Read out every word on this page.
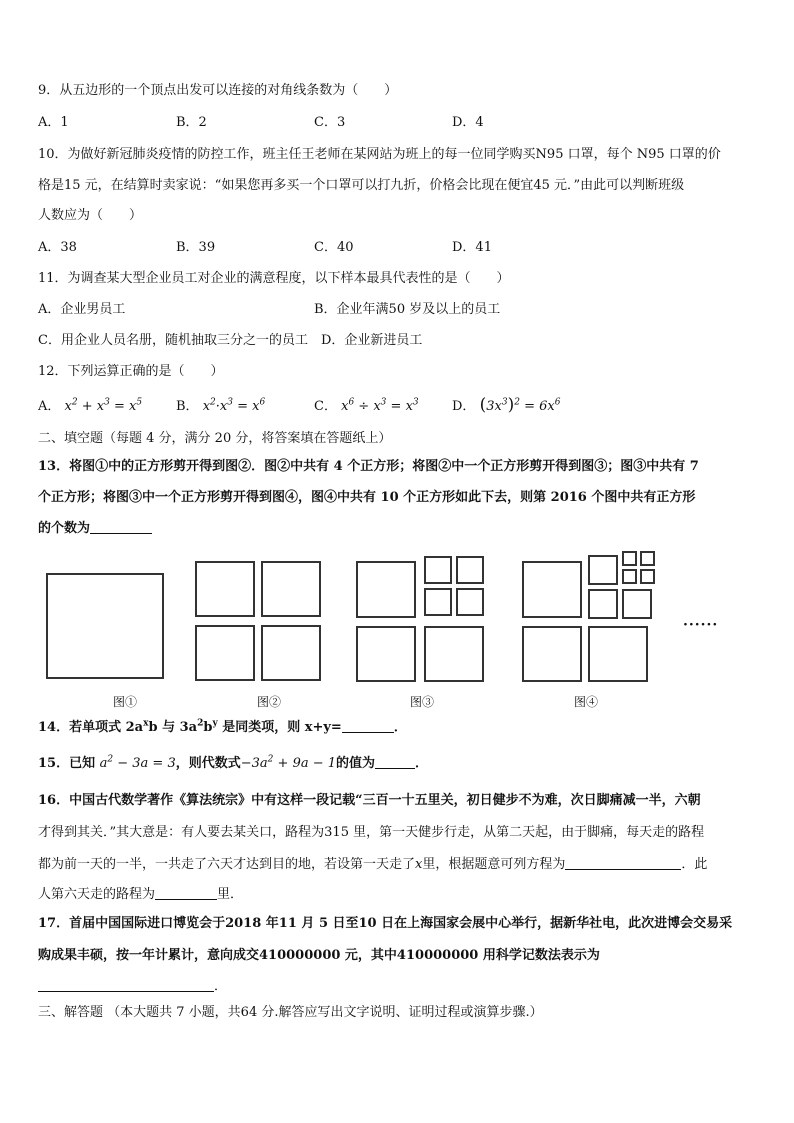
9．从五边形的一个顶点出发可以连接的对角线条数为（　　）
A．1	B．2	C．3	D．4
10．为做好新冠肺炎疫情的防控工作，班主任王老师在某网站为班上的每一位同学购买N95 口罩，每个 N95 口罩的价
格是15 元，在结算时卖家说：“如果您再多买一个口罩可以打九折，价格会比现在便宜45 元．”由此可以判断班级
人数应为（　　）
A．38	B．39	C．40	D．41
11．为调查某大型企业员工对企业的满意程度，以下样本最具代表性的是（　　）
A．企业男员工	B．企业年满50 岁及以上的员工
C．用企业人员名册，随机抽取三分之一的员工　D．企业新进员工
12．下列运算正确的是（　　）
A． $x^2 + x^3 = x^5$	B． $x^2\cdot x^3 = x^6$	C． $x^6 \div x^3 = x^3$	D． $(3x^3)^2 = 6x^6$
二、填空题（每题 4 分，满分 20 分，将答案填在答题纸上）
13．将图①中的正方形剪开得到图②．图②中共有 4 个正方形；将图②中一个正方形剪开得到图③；图③中共有 7
个正方形；将图③中一个正方形剪开得到图④，图④中共有 10 个正方形如此下去，则第 2016 个图中共有正方形
的个数为
······
图①	图②	图③	图④
14．若单项式 $2a^xb$ 与 $3a^2b^y$ 是同类项，则 x+y=	．
15．已知 $a^2 - 3a = 3$，则代数式$-3a^2 + 9a - 1$的值为	．
16．中国古代数学著作《算法统宗》中有这样一段记载“三百一十五里关，初日健步不为难，次日脚痛减一半，六朝
才得到其关．”其大意是：有人要去某关口，路程为315 里，第一天健步行走，从第二天起，由于脚痛，每天走的路程
都为前一天的一半，一共走了六天才达到目的地，若设第一天走了x里，根据题意可列方程为	．此
人第六天走的路程为	里．
17．首届中国国际进口博览会于2018 年11 月 5 日至10 日在上海国家会展中心举行，据新华社电，此次进博会交易采
购成果丰硕，按一年计累计，意向成交410000000 元，其中410000000 用科学记数法表示为
．
三、解答题 （本大题共 7 小题，共64 分.解答应写出文字说明、证明过程或演算步骤.）
